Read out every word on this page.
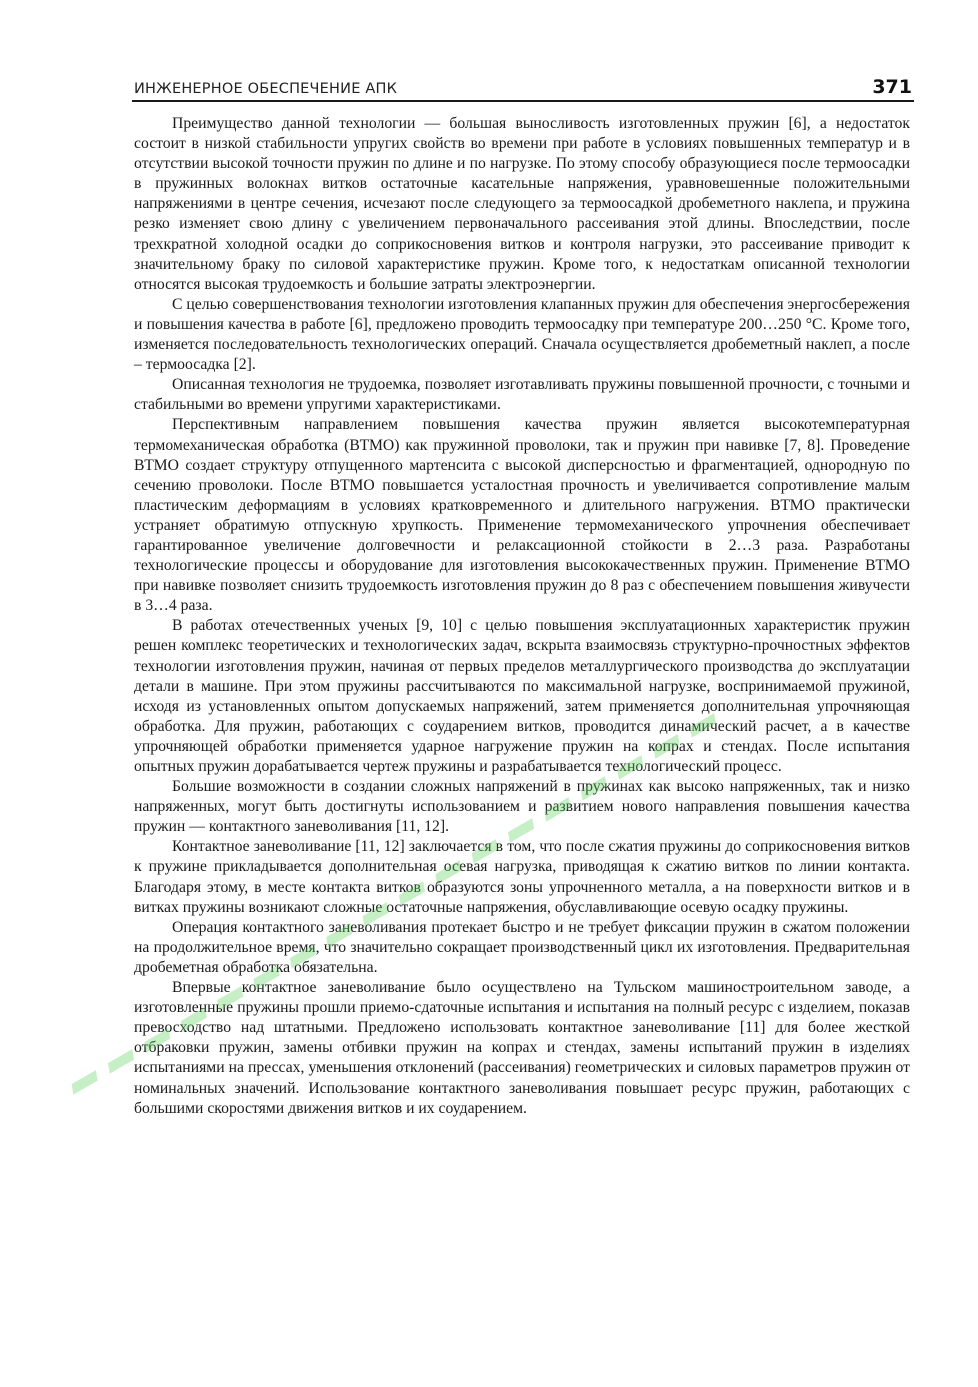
ИНЖЕНЕРНОЕ ОБЕСПЕЧЕНИЕ АПК	371

Преимущество данной технологии — большая выносливость изготовленных пружин [6], а недостаток состоит в низкой стабильности упругих свойств во времени при работе в условиях повышенных температур и в отсутствии высокой точности пружин по длине и по нагрузке. По этому способу образующиеся после термоосадки в пружинных волокнах витков остаточные касательные напряжения, уравновешенные положительными напряжениями в центре сечения, исчезают после следующего за термоосадкой дробеметного наклепа, и пружина резко изменяет свою длину с увеличением первоначального рассеивания этой длины. Впоследствии, после трехкратной холодной осадки до соприкосновения витков и контроля нагрузки, это рассеивание приводит к значительному браку по силовой характеристике пружин. Кроме того, к недостаткам описанной технологии относятся высокая трудоемкость и большие затраты электроэнергии.

С целью совершенствования технологии изготовления клапанных пружин для обеспечения энергосбережения и повышения качества в работе [6], предложено проводить термоосадку при температуре 200…250 °С. Кроме того, изменяется последовательность технологических операций. Сначала осуществляется дробеметный наклеп, а после – термоосадка [2].

Описанная технология не трудоемка, позволяет изготавливать пружины повышенной прочности, с точными и стабильными во времени упругими характеристиками.

Перспективным направлением повышения качества пружин является высокотемпературная термомеханическая обработка (ВТМО) как пружинной проволоки, так и пружин при навивке [7, 8]. Проведение ВТМО создает структуру отпущенного мартенсита с высокой дисперсностью и фрагментацией, однородную по сечению проволоки. После ВТМО повышается усталостная прочность и увеличивается сопротивление малым пластическим деформациям в условиях кратковременного и длительного нагружения. ВТМО практически устраняет обратимую отпускную хрупкость. Применение термомеханического упрочнения обеспечивает гарантированное увеличение долговечности и релаксационной стойкости в 2…3 раза. Разработаны технологические процессы и оборудование для изготовления высококачественных пружин. Применение ВТМО при навивке позволяет снизить трудоемкость изготовления пружин до 8 раз с обеспечением повышения живучести в 3…4 раза.

В работах отечественных ученых [9, 10] с целью повышения эксплуатационных характеристик пружин решен комплекс теоретических и технологических задач, вскрыта взаимосвязь структурно-прочностных эффектов технологии изготовления пружин, начиная от первых пределов металлургического производства до эксплуатации детали в машине. При этом пружины рассчитываются по максимальной нагрузке, воспринимаемой пружиной, исходя из установленных опытом допускаемых напряжений, затем применяется дополнительная упрочняющая обработка. Для пружин, работающих с соударением витков, проводится динамический расчет, а в качестве упрочняющей обработки применяется ударное нагружение пружин на копрах и стендах. После испытания опытных пружин дорабатывается чертеж пружины и разрабатывается технологический процесс.

Большие возможности в создании сложных напряжений в пружинах как высоко напряженных, так и низко напряженных, могут быть достигнуты использованием и развитием нового направления повышения качества пружин — контактного заневоливания [11, 12].

Контактное заневоливание [11, 12] заключается в том, что после сжатия пружины до соприкосновения витков к пружине прикладывается дополнительная осевая нагрузка, приводящая к сжатию витков по линии контакта. Благодаря этому, в месте контакта витков образуются зоны упрочненного металла, а на поверхности витков и в витках пружины возникают сложные остаточные напряжения, обуславливающие осевую осадку пружины.

Операция контактного заневоливания протекает быстро и не требует фиксации пружин в сжатом положении на продолжительное время, что значительно сокращает производственный цикл их изготовления. Предварительная дробеметная обработка обязательна.

Впервые контактное заневоливание было осуществлено на Тульском машиностроительном заводе, а изготовленные пружины прошли приемо-сдаточные испытания и испытания на полный ресурс с изделием, показав превосходство над штатными. Предложено использовать контактное заневоливание [11] для более жесткой отбраковки пружин, замены отбивки пружин на копрах и стендах, замены испытаний пружин в изделиях испытаниями на прессах, уменьшения отклонений (рассеивания) геометрических и силовых параметров пружин от номинальных значений. Использование контактного заневоливания повышает ресурс пружин, работающих с большими скоростями движения витков и их соударением.
